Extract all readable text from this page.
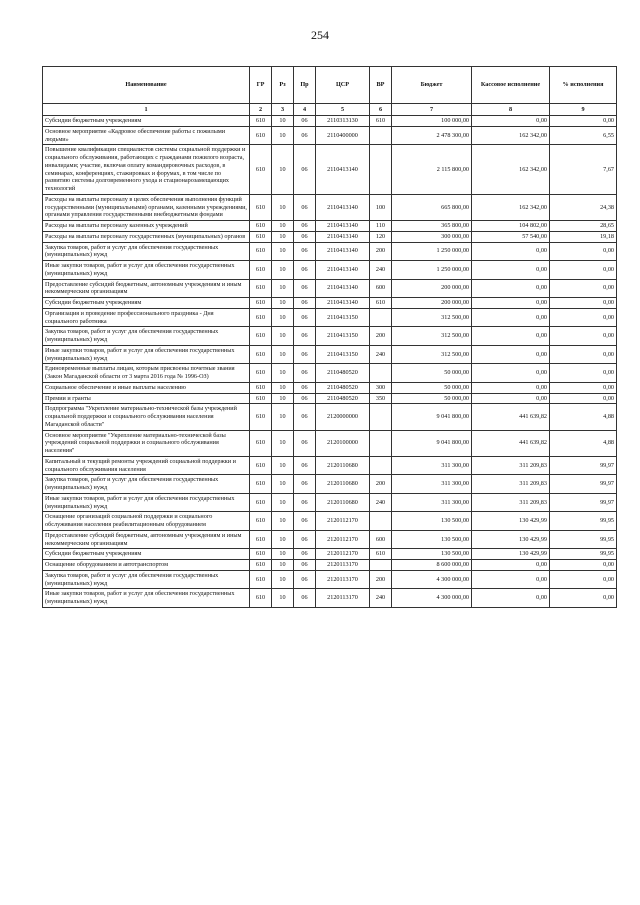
254
Наименование	ГР	Рз	Пр	ЦСР	ВР	Бюджет	Кассовое исполнение	% исполнения
1	2	3	4	5	6	7	8	9
Субсидии бюджетным учреждениям	610	10	06	2110313130	610	100 000,00	0,00	0,00
Основное мероприятие «Кадровое обеспечение работы с пожилыми людьми»	610	10	06	2110400000		2 478 300,00	162 342,00	6,55
Повышение квалификации специалистов системы социальной поддержки и социального обслуживания, работающих с гражданами пожилого возраста, инвалидами; участие, включая оплату командировочных расходов, в семинарах, конференциях, стажировках и форумах, в том числе по развитию системы долговременного ухода и стационарозамещающих технологий	610	10	06	2110413140		2 115 800,00	162 342,00	7,67
Расходы на выплаты персоналу в целях обеспечения выполнения функций государственными (муниципальными) органами, казенными учреждениями, органами управления государственными внебюджетными фондами	610	10	06	2110413140	100	665 800,00	162 342,00	24,38
Расходы на выплаты персоналу казенных учреждений	610	10	06	2110413140	110	365 800,00	104 802,00	28,65
Расходы на выплаты персоналу государственных (муниципальных) органов	610	10	06	2110413140	120	300 000,00	57 540,00	19,18
Закупка товаров, работ и услуг для обеспечения государственных (муниципальных) нужд	610	10	06	2110413140	200	1 250 000,00	0,00	0,00
Иные закупки товаров, работ и услуг для обеспечения государственных (муниципальных) нужд	610	10	06	2110413140	240	1 250 000,00	0,00	0,00
Предоставление субсидий бюджетным, автономным учреждениям и иным некоммерческим организациям	610	10	06	2110413140	600	200 000,00	0,00	0,00
Субсидии бюджетным учреждениям	610	10	06	2110413140	610	200 000,00	0,00	0,00
Организация и проведение профессионального праздника - Дня социального работника	610	10	06	2110413150		312 500,00	0,00	0,00
Закупка товаров, работ и услуг для обеспечения государственных (муниципальных) нужд	610	10	06	2110413150	200	312 500,00	0,00	0,00
Иные закупки товаров, работ и услуг для обеспечения государственных (муниципальных) нужд	610	10	06	2110413150	240	312 500,00	0,00	0,00
Единовременные выплаты лицам, которым присвоены почетные звания (Закон Магаданской области от 3 марта 2016 года № 1996-ОЗ)	610	10	06	2110480520		50 000,00	0,00	0,00
Социальное обеспечение и иные выплаты населению	610	10	06	2110480520	300	50 000,00	0,00	0,00
Премии и гранты	610	10	06	2110480520	350	50 000,00	0,00	0,00
Подпрограмма "Укрепление материально-технической базы учреждений социальной поддержки и социального обслуживания населения Магаданской области"	610	10	06	2120000000		9 041 800,00	441 639,82	4,88
Основное мероприятие "Укрепление материально-технической базы учреждений социальной поддержки и социального обслуживания населения"	610	10	06	2120100000		9 041 800,00	441 639,82	4,88
Капитальный и текущий ремонты учреждений социальной поддержки и социального обслуживания населения	610	10	06	2120110680		311 300,00	311 209,83	99,97
Закупка товаров, работ и услуг для обеспечения государственных (муниципальных) нужд	610	10	06	2120110680	200	311 300,00	311 209,83	99,97
Иные закупки товаров, работ и услуг для обеспечения государственных (муниципальных) нужд	610	10	06	2120110680	240	311 300,00	311 209,83	99,97
Оснащение организаций социальной поддержки и социального обслуживания населения реабилитационным оборудованием	610	10	06	2120112170		130 500,00	130 429,99	99,95
Предоставление субсидий бюджетным, автономным учреждениям и иным некоммерческим организациям	610	10	06	2120112170	600	130 500,00	130 429,99	99,95
Субсидии бюджетным учреждениям	610	10	06	2120112170	610	130 500,00	130 429,99	99,95
Оснащение оборудованием и автотранспортом	610	10	06	2120113170		8 600 000,00	0,00	0,00
Закупка товаров, работ и услуг для обеспечения государственных (муниципальных) нужд	610	10	06	2120113170	200	4 300 000,00	0,00	0,00
Иные закупки товаров, работ и услуг для обеспечения государственных (муниципальных) нужд	610	10	06	2120113170	240	4 300 000,00	0,00	0,00
